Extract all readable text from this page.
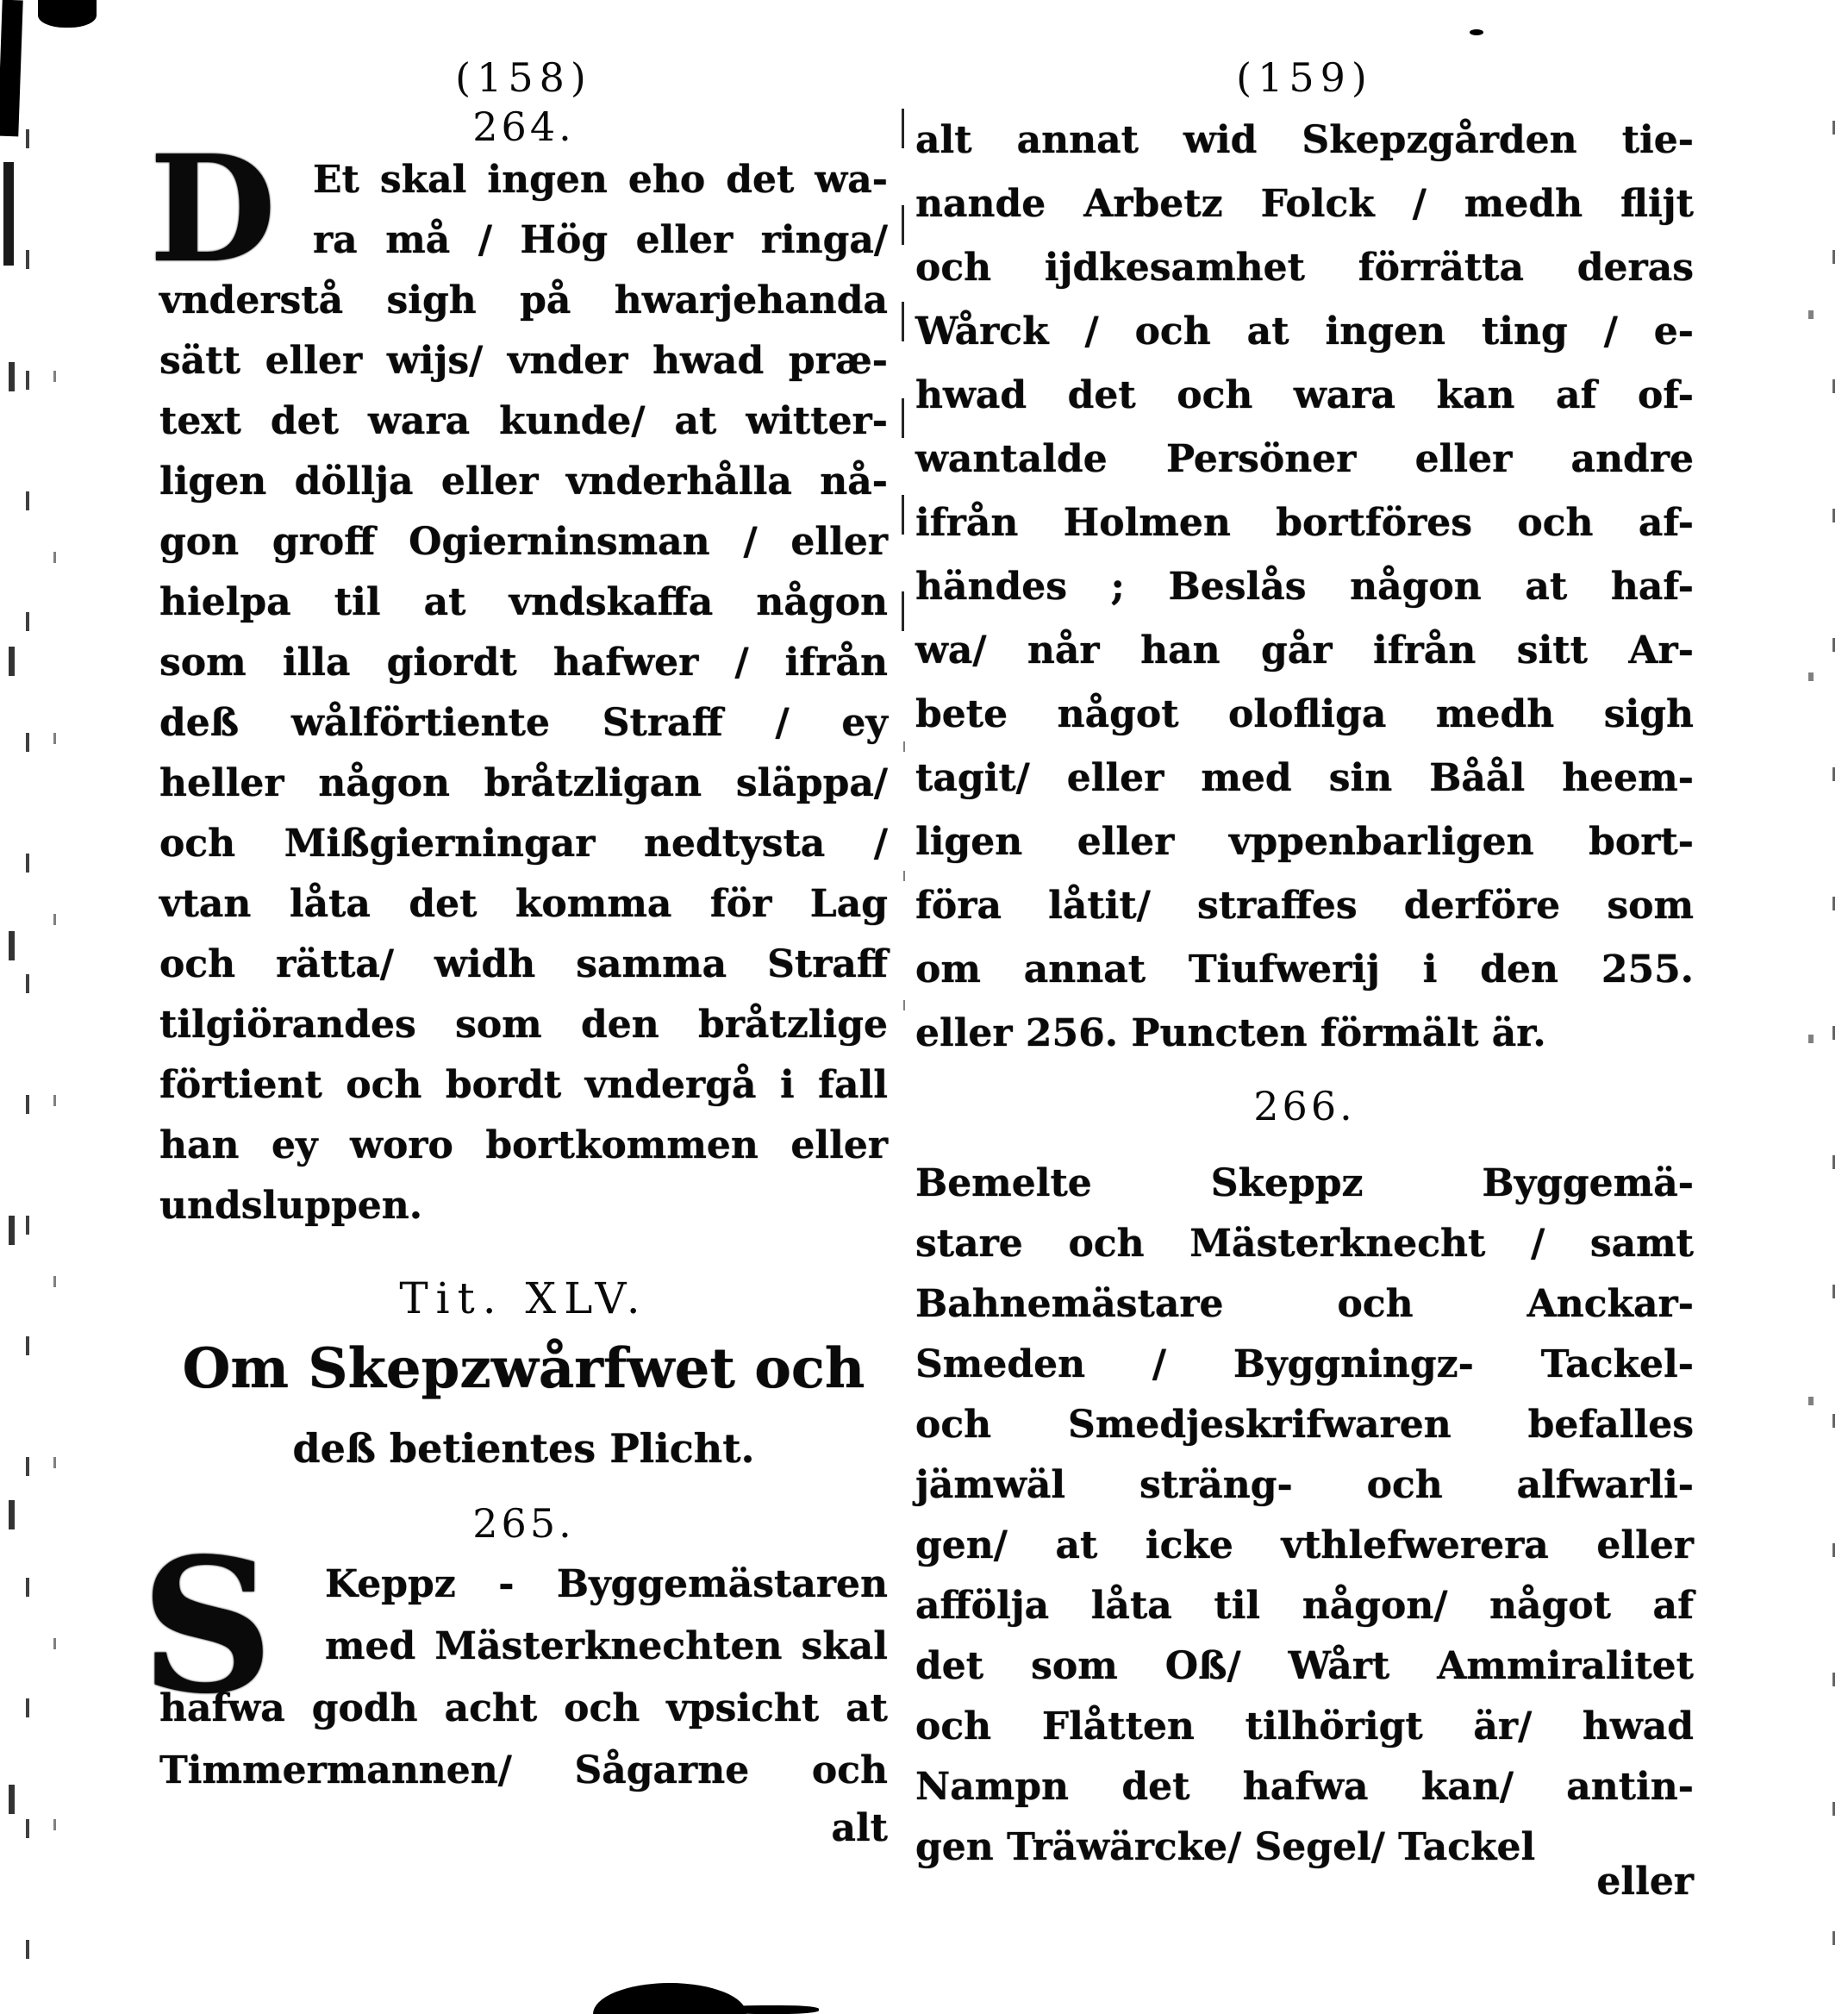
(158)
264.
D Et skal ingen eho det wa-
ra må / Hög eller ringa/
vnderstå sigh på hwarjehanda
sätt eller wijs/ vnder hwad præ-
text det wara kunde/ at witter-
ligen döllja eller vnderhålla nå-
gon groff Ogierninsman / eller
hielpa til at vndskaffa någon
som illa giordt hafwer / ifrån
deß wålförtiente Straff / ey
heller någon bråtzligan släppa/
och Mißgierningar nedtysta /
vtan låta det komma för Lag
och rätta/ widh samma Straff
tilgiörandes som den bråtzlige
förtient och bordt vndergå i fall
han ey woro bortkommen eller
undsluppen.
Tit. XLV.
Om Skepzwårfwet och
deß betientes Plicht.
265.
S	Keppz - Byggemästaren
med Mästerknechten skal
hafwa godh acht och vpsicht at
Timmermannen/ Sågarne och
alt
(159)
alt annat wid Skepzgården tie-
nande Arbetz Folck / medh flijt
och ijdkesamhet förrätta deras
Wårck / och at ingen ting / e-
hwad det och wara kan af of-
wantalde Persöner eller andre
ifrån Holmen bortföres och af-
händes ; Beslås någon at haf-
wa/ når han går ifrån sitt Ar-
bete något olofliga medh sigh
tagit/ eller med sin Båål heem-
ligen eller vppenbarligen bort-
föra låtit/ straffes derföre som
om annat Tiufwerij i den 255.
eller 256. Puncten förmält är.
266.
Bemelte Skeppz Byggemä-
stare och Mästerknecht / samt
Bahnemästare och Anckar-
Smeden / Byggningz- Tackel-
och Smedjeskrifwaren befalles
jämwäl sträng- och alfwarli-
gen/ at icke vthlefwerera eller
affölja låta til någon/ något af
det som Oß/ Wårt Ammiralitet
och Flåtten tilhörigt är/ hwad
Nampn det hafwa kan/ antin-
gen Träwärcke/ Segel/ Tackel
eller
